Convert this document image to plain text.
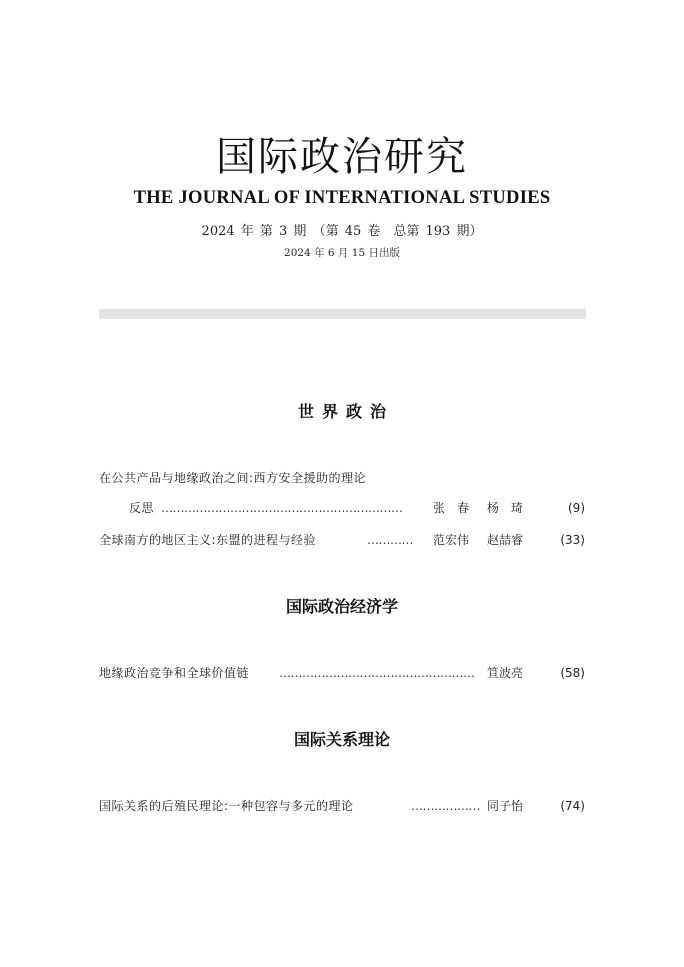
国际政治研究
THE JOURNAL OF INTERNATIONAL STUDIES
2024 年 第 3 期 （第 45 卷　总第 193 期）
2024 年 6 月 15 日出版
世界政治
在公共产品与地缘政治之间:西方安全援助的理论
反思 ………………………………………………………	张　春 杨　琦	(9)
全球南方的地区主义:东盟的进程与经验	…………	范宏伟 赵喆睿	(33)
国际政治经济学
地缘政治竞争和全球价值链 ……………………………………………	笪波亮	(58)
国际关系理论
国际关系的后殖民理论:一种包容与多元的理论	……………… 同子怡	(74)
